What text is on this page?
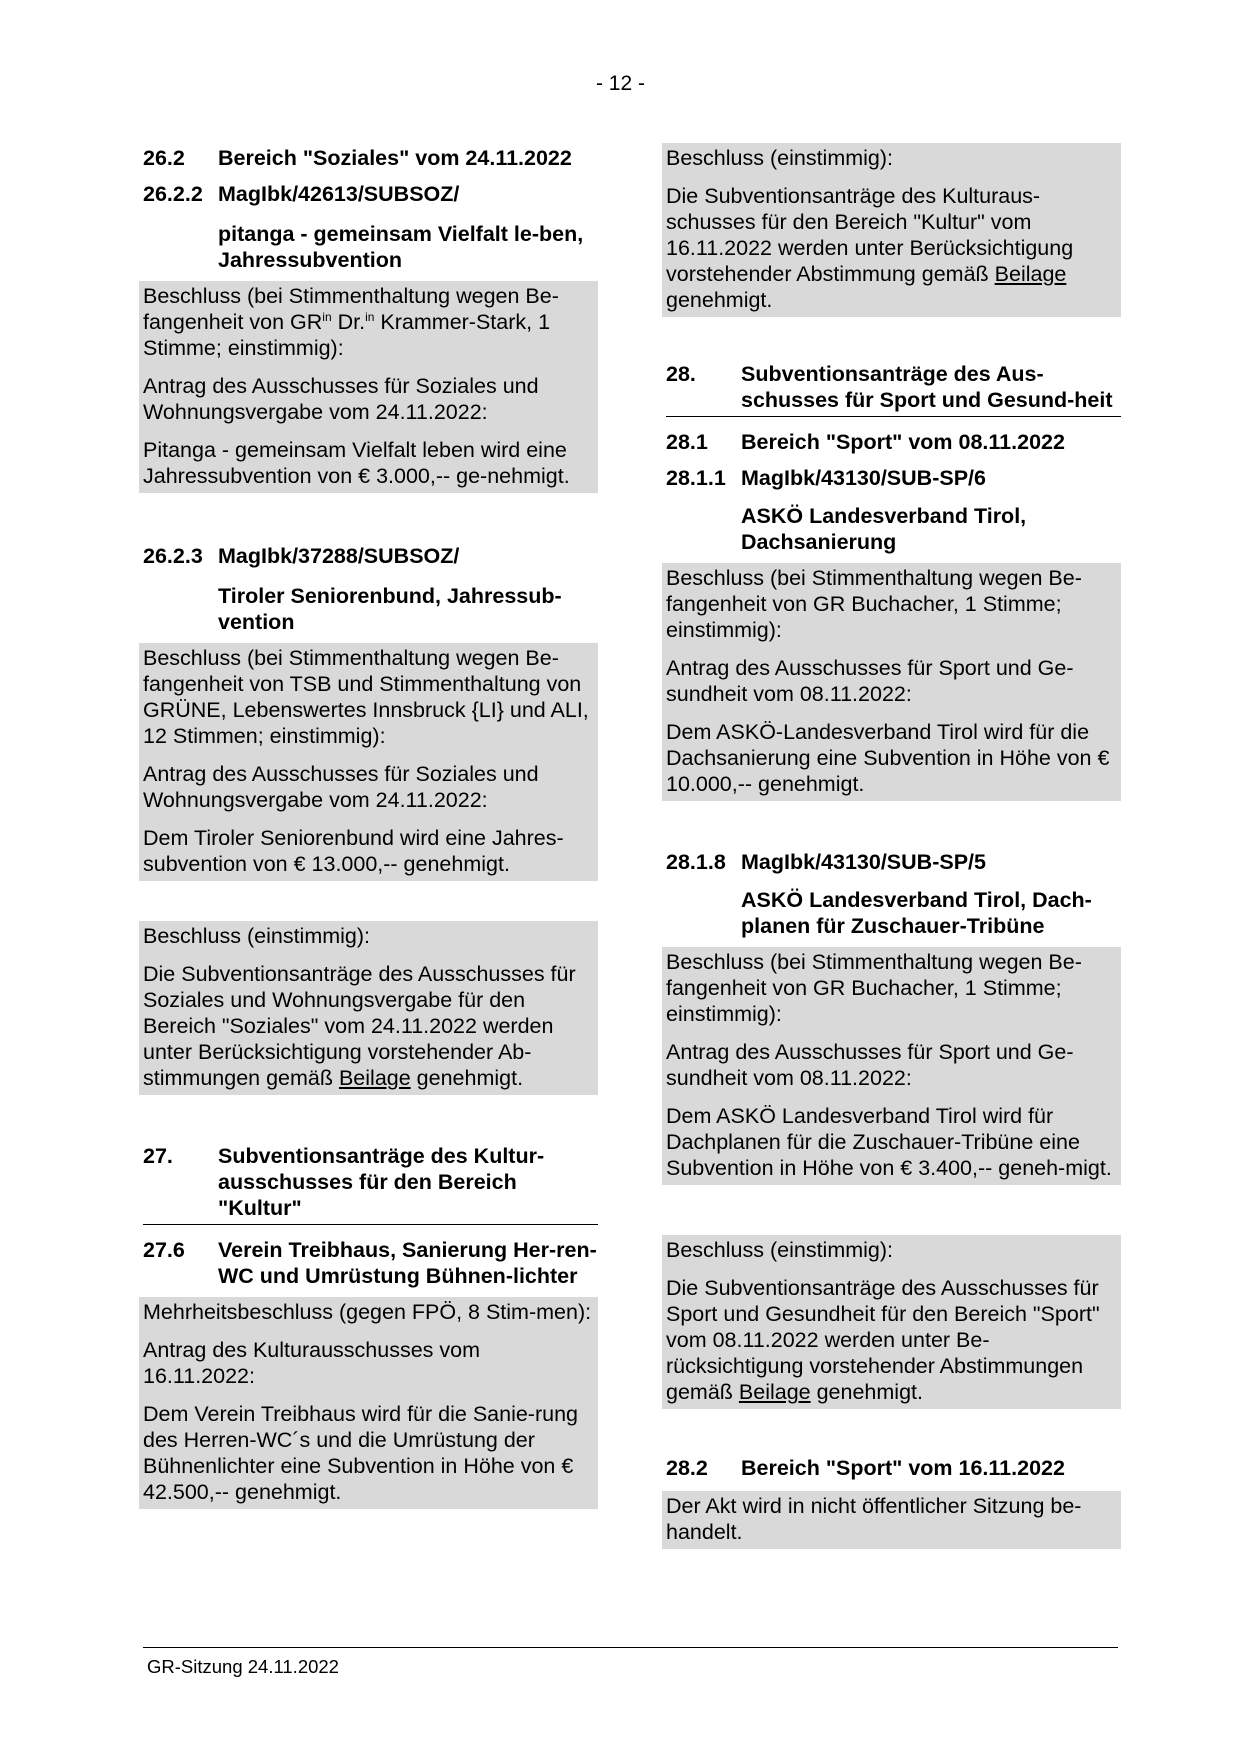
- 12 -
26.2	Bereich "Soziales" vom 24.11.2022
26.2.2 MagIbk/42613/SUBSOZ/
pitanga - gemeinsam Vielfalt le-ben, Jahressubvention

Beschluss (bei Stimmenthaltung wegen Be-fangenheit von $GR^{in}$ Dr.$^{in}$ Krammer-Stark, 1 Stimme; einstimmig):

Antrag des Ausschusses für Soziales und Wohnungsvergabe vom 24.11.2022:

Pitanga - gemeinsam Vielfalt leben wird eine Jahressubvention von € 3.000,-- ge-nehmigt.

26.2.3 MagIbk/37288/SUBSOZ/
Tiroler Seniorenbund, Jahressub-vention

Beschluss (bei Stimmenthaltung wegen Be-fangenheit von TSB und Stimmenthaltung von GRÜNE, Lebenswertes Innsbruck {LI} und ALI, 12 Stimmen; einstimmig):

Antrag des Ausschusses für Soziales und Wohnungsvergabe vom 24.11.2022:

Dem Tiroler Seniorenbund wird eine Jahres-subvention von € 13.000,-- genehmigt.

Beschluss (einstimmig):

Die Subventionsanträge des Ausschusses für Soziales und Wohnungsvergabe für den Bereich "Soziales" vom 24.11.2022 werden unter Berücksichtigung vorstehender Ab-stimmungen gemäß Beilage genehmigt.

27.	Subventionsanträge des Kultur-ausschusses für den Bereich "Kultur"
27.6	Verein Treibhaus, Sanierung Her-ren-WC und Umrüstung Bühnen-lichter

Mehrheitsbeschluss (gegen FPÖ, 8 Stim-men):

Antrag des Kulturausschusses vom 16.11.2022:

Dem Verein Treibhaus wird für die Sanie-rung des Herren-WC´s und die Umrüstung der Bühnenlichter eine Subvention in Höhe von € 42.500,-- genehmigt.

Beschluss (einstimmig):

Die Subventionsanträge des Kulturaus-schusses für den Bereich "Kultur" vom 16.11.2022 werden unter Berücksichtigung vorstehender Abstimmung gemäß Beilage genehmigt.

28.	Subventionsanträge des Aus-schusses für Sport und Gesund-heit
28.1	Bereich "Sport" vom 08.11.2022
28.1.1 MagIbk/43130/SUB-SP/6
ASKÖ Landesverband Tirol, Dachsanierung

Beschluss (bei Stimmenthaltung wegen Be-fangenheit von GR Buchacher, 1 Stimme; einstimmig):

Antrag des Ausschusses für Sport und Ge-sundheit vom 08.11.2022:

Dem ASKÖ-Landesverband Tirol wird für die Dachsanierung eine Subvention in Höhe von € 10.000,-- genehmigt.

28.1.8 MagIbk/43130/SUB-SP/5
ASKÖ Landesverband Tirol, Dach-planen für Zuschauer-Tribüne

Beschluss (bei Stimmenthaltung wegen Be-fangenheit von GR Buchacher, 1 Stimme; einstimmig):

Antrag des Ausschusses für Sport und Ge-sundheit vom 08.11.2022:

Dem ASKÖ Landesverband Tirol wird für Dachplanen für die Zuschauer-Tribüne eine Subvention in Höhe von € 3.400,-- geneh-migt.

Beschluss (einstimmig):

Die Subventionsanträge des Ausschusses für Sport und Gesundheit für den Bereich "Sport" vom 08.11.2022 werden unter Be-rücksichtigung vorstehender Abstimmungen gemäß Beilage genehmigt.

28.2	Bereich "Sport" vom 16.11.2022

Der Akt wird in nicht öffentlicher Sitzung be-handelt.

GR-Sitzung 24.11.2022
